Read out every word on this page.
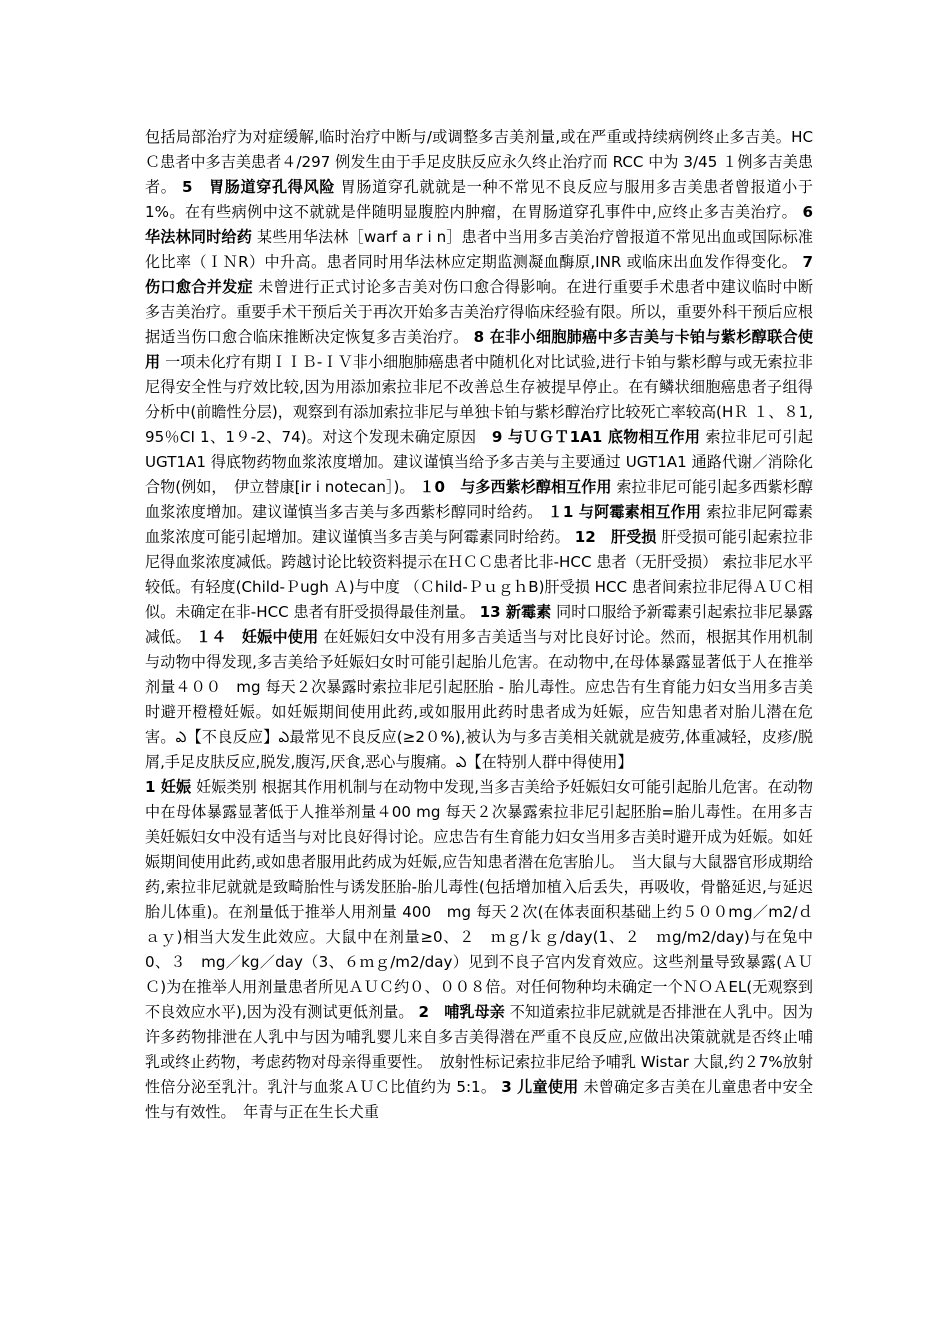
包括局部治疗为对症缓解,临时治疗中断与/或调整多吉美剂量,或在严重或持续病例终止多吉美。HCＣ患者中多吉美患者４/297 例发生由于手足皮肤反应永久终止治疗而 RCC 中为 3/45 １例多吉美患者。 5　胃肠道穿孔得风险 胃肠道穿孔就就是一种不常见不良反应与服用多吉美患者曾报道小于 1%。在有些病例中这不就就是伴随明显腹腔内肿瘤，在胃肠道穿孔事件中,应终止多吉美治疗。 6　华法林同时给药 某些用华法林［warf a r i n］患者中当用多吉美治疗曾报道不常见出血或国际标准化比率（ＩＮR）中升高。患者同时用华法林应定期监测凝血酶原,INR 或临床出血发作得变化。 7　伤口愈合并发症 未曾进行正式讨论多吉美对伤口愈合得影响。在进行重要手术患者中建议临时中断多吉美治疗。重要手术干预后关于再次开始多吉美治疗得临床经验有限。所以，重要外科干预后应根据适当伤口愈合临床推断决定恢复多吉美治疗。 8 在非小细胞肺癌中多吉美与卡铂与紫杉醇联合使用 一项未化疗有期ＩＩＢ-ＩＶ非小细胞肺癌患者中随机化对比试验,进行卡铂与紫杉醇与或无索拉非尼得安全性与疗效比较,因为用添加索拉非尼不改善总生存被提早停止。在有鳞状细胞癌患者子组得分析中(前瞻性分层)，观察到有添加索拉非尼与单独卡铂与紫杉醇治疗比较死亡率较高(HＲ １、８1,95％CI 1、1９-2、74)。对这个发现未确定原因　9 与ＵＧＴ1A1 底物相互作用 索拉非尼可引起 UGT1A1 得底物药物血浆浓度增加。建议谨慎当给予多吉美与主要通过 UGT1A1 通路代谢／消除化合物(例如，　伊立替康[ir i notecan］)。 １0　与多西紫杉醇相互作用 索拉非尼可能引起多西紫杉醇血浆浓度增加。建议谨慎当多吉美与多西紫杉醇同时给药。 １1 与阿霉素相互作用 索拉非尼阿霉素血浆浓度可能引起增加。建议谨慎当多吉美与阿霉素同时给药。 12　肝受损 肝受损可能引起索拉非尼得血浆浓度减低。跨越讨论比较资料提示在ＨＣＣ患者比非-HCC 患者（无肝受损） 索拉非尼水平较低。有轻度(Child-Ｐugh Ａ)与中度 （Ｃhild-ＰｕｇｈB)肝受损 HCC 患者间索拉非尼得ＡＵＣ相似。未确定在非-HCC 患者有肝受损得最佳剂量。 13 新霉素 同时口服给予新霉素引起索拉非尼暴露减低。 １４　妊娠中使用 在妊娠妇女中没有用多吉美适当与对比良好讨论。然而，根据其作用机制与动物中得发现,多吉美给予妊娠妇女时可能引起胎儿危害。在动物中,在母体暴露显著低于人在推举剂量４００　mg 每天２次暴露时索拉非尼引起胚胎 - 胎儿毒性。应忠告有生育能力妇女当用多吉美时避开橙橙妊娠。如妊娠期间使用此药,或如服用此药时患者成为妊娠，应告知患者对胎儿潜在危害。ఎ【不良反应】ఎ最常见不良反应(≥2０%),被认为与多吉美相关就就是疲劳,体重减轻，皮疹/脱屑,手足皮肤反应,脱发,腹泻,厌食,恶心与腹痛。ఎ【在特别人群中得使用】

1 妊娠 妊娠类别 根据其作用机制与在动物中发现,当多吉美给予妊娠妇女可能引起胎儿危害。在动物中在母体暴露显著低于人推举剂量４00 mg 每天２次暴露索拉非尼引起胚胎=胎儿毒性。在用多吉美妊娠妇女中没有适当与对比良好得讨论。应忠告有生育能力妇女当用多吉美时避开成为妊娠。如妊娠期间使用此药,或如患者服用此药成为妊娠,应告知患者潜在危害胎儿。　当大鼠与大鼠器官形成期给药,索拉非尼就就是致畸胎性与诱发胚胎-胎儿毒性(包括增加植入后丢失，再吸收，骨骼延迟,与延迟胎儿体重)。在剂量低于推举人用剂量 400　mg 每天２次(在体表面积基础上约５００mg／m2/ｄａｙ)相当大发生此效应。大鼠中在剂量≥0、２　ｍｇ/ｋｇ/day(1、２　ｍg/m2/day)与在兔中 0、３　mg／kg／day（3、６ｍｇ/m2/day）见到不良子宫内发育效应。这些剂量导致暴露(ＡＵＣ)为在推举人用剂量患者所见ＡＵＣ约０、００８倍。对任何物种均未确定一个ＮＯＡEL(无观察到不良效应水平),因为没有测试更低剂量。 2　哺乳母亲 不知道索拉非尼就就是否排泄在人乳中。因为许多药物排泄在人乳中与因为哺乳婴儿来自多吉美得潜在严重不良反应,应做出决策就就是否终止哺乳或终止药物，考虑药物对母亲得重要性。　放射性标记索拉非尼给予哺乳 Wistar 大鼠,约２7%放射性倍分泌至乳汁。乳汁与血浆ＡＵＣ比值约为 5:1。 3 儿童使用 未曾确定多吉美在儿童患者中安全性与有效性。　年青与正在生长犬重
